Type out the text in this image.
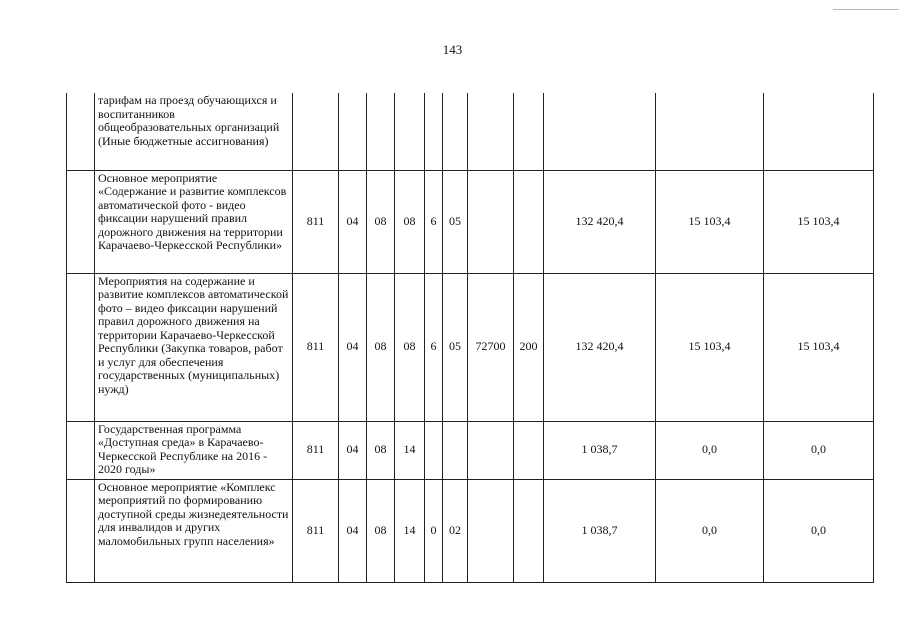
143
	тарифам на проезд обучающихся и воспитанников общеобразовательных организаций (Иные бюджетные ассигнования)											
	Основное мероприятие «Содержание и развитие комплексов автоматической фото - видео фиксации нарушений правил дорожного движения на территории Карачаево-Черкесской Республики»	811	04	08	08	6	05			132 420,4	15 103,4	15 103,4
	Мероприятия на содержание и развитие комплексов автоматической фото – видео фиксации нарушений правил дорожного движения на территории Карачаево-Черкесской Республики (Закупка товаров, работ и услуг для обеспечения государственных (муниципальных) нужд)	811	04	08	08	6	05	72700	200	132 420,4	15 103,4	15 103,4
	Государственная программа «Доступная среда» в Карачаево-Черкесской Республике на 2016 - 2020 годы»	811	04	08	14					1 038,7	0,0	0,0
	Основное мероприятие «Комплекс мероприятий по формированию доступной среды жизнедеятельности для инвалидов и других маломобильных групп населения»	811	04	08	14	0	02			1 038,7	0,0	0,0
